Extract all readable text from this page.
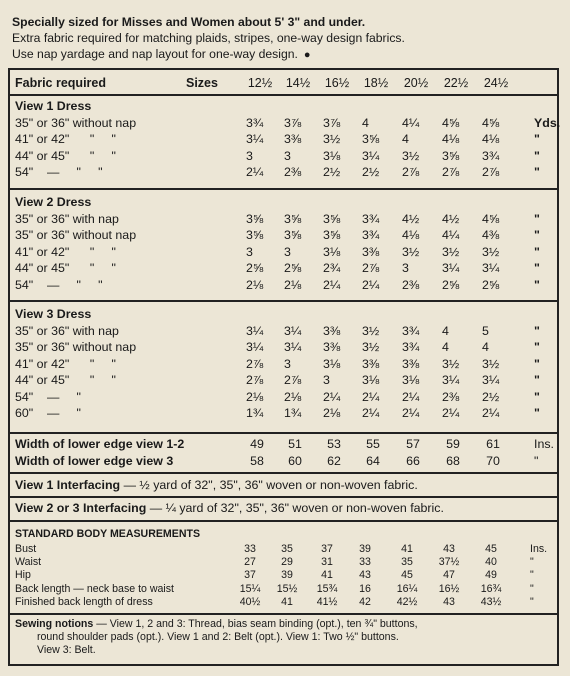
Specially sized for Misses and Women about 5' 3" and under.
Extra fabric required for matching plaids, stripes, one-way design fabrics.
Use nap yardage and nap layout for one-way design. ●
Fabric required	Sizes	12½	14½	16½	18½	20½	22½	24½
View 1 Dress
35" or 36" without nap	3¾	3⅞	3⅞	4	4¼	4⅝	4⅝	Yds.
41" or 42"      "     "	3¼	3⅜	3½	3⅝	4	4⅛	4⅛	"
44" or 45"      "     "	3	3	3⅛	3¼	3½	3⅝	3¾	"
54"    —     "     "	2¼	2⅜	2½	2½	2⅞	2⅞	2⅞	"
View 2 Dress
35" or 36" with nap	3⅝	3⅝	3⅝	3¾	4½	4½	4⅝	"
35" or 36" without nap	3⅝	3⅝	3⅝	3¾	4⅛	4¼	4⅜	"
41" or 42"      "     "	3	3	3⅛	3⅜	3½	3½	3½	"
44" or 45"      "     "	2⅝	2⅝	2¾	2⅞	3	3¼	3¼	"
54"    —     "     "	2⅛	2⅛	2¼	2¼	2⅜	2⅝	2⅝	"
View 3 Dress
35" or 36" with nap	3¼	3¼	3⅜	3½	3¾	4	5	"
35" or 36" without nap	3¼	3¼	3⅜	3½	3¾	4	4	"
41" or 42"      "     "	2⅞	3	3⅛	3⅜	3⅜	3½	3½	"
44" or 45"      "     "	2⅞	2⅞	3	3⅛	3⅛	3¼	3¼	"
54"    —     "	2⅛	2⅛	2¼	2¼	2¼	2⅜	2½	"
60"    —     "	1¾	1¾	2⅛	2¼	2¼	2¼	2¼	"
Width of lower edge view 1-2	49	51	53	55	57	59	61	Ins.
Width of lower edge view 3	58	60	62	64	66	68	70	"
View 1 Interfacing — ½ yard of 32", 35", 36" woven or non-woven fabric.
View 2 or 3 Interfacing — ¼ yard of 32", 35", 36" woven or non-woven fabric.
STANDARD BODY MEASUREMENTS
Bust	33	35	37	39	41	43	45	Ins.
Waist	27	29	31	33	35	37½	40	"
Hip	37	39	41	43	45	47	49	"
Back length — neck base to waist	15¼	15½	15¾	16	16¼	16½	16¾	"
Finished back length of dress	40½	41	41½	42	42½	43	43½	"
Sewing notions — View 1, 2 and 3: Thread, bias seam binding (opt.), ten ¾" buttons,
round shoulder pads (opt.). View 1 and 2: Belt (opt.). View 1: Two ½" buttons.
View 3: Belt.
